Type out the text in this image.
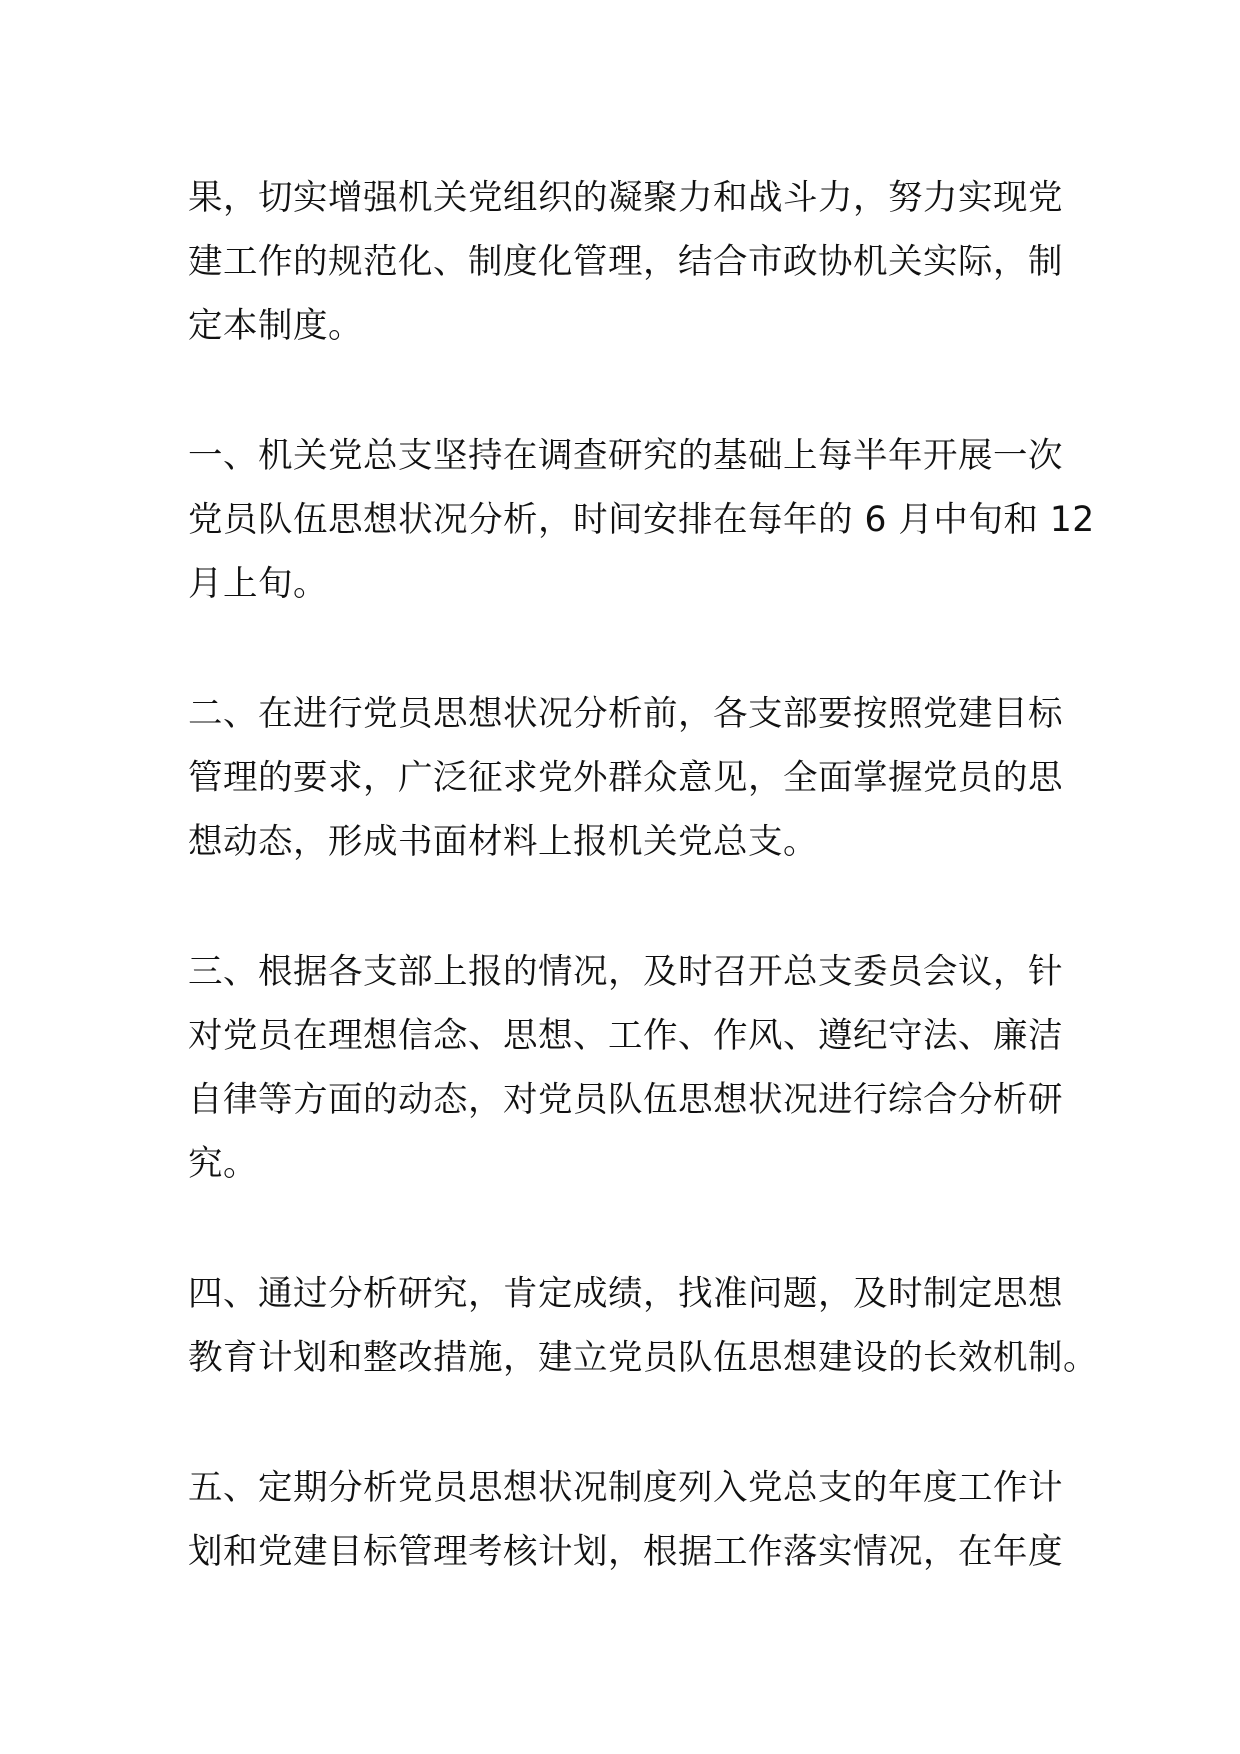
果，切实增强机关党组织的凝聚力和战斗力，努力实现党
建工作的规范化、制度化管理，结合市政协机关实际，制
定本制度。

一、机关党总支坚持在调查研究的基础上每半年开展一次
党员队伍思想状况分析，时间安排在每年的 6 月中旬和 12
月上旬。

二、在进行党员思想状况分析前，各支部要按照党建目标
管理的要求，广泛征求党外群众意见，全面掌握党员的思
想动态，形成书面材料上报机关党总支。

三、根据各支部上报的情况，及时召开总支委员会议，针
对党员在理想信念、思想、工作、作风、遵纪守法、廉洁
自律等方面的动态，对党员队伍思想状况进行综合分析研
究。

四、通过分析研究，肯定成绩，找准问题，及时制定思想
教育计划和整改措施，建立党员队伍思想建设的长效机制。

五、定期分析党员思想状况制度列入党总支的年度工作计
划和党建目标管理考核计划，根据工作落实情况，在年度
